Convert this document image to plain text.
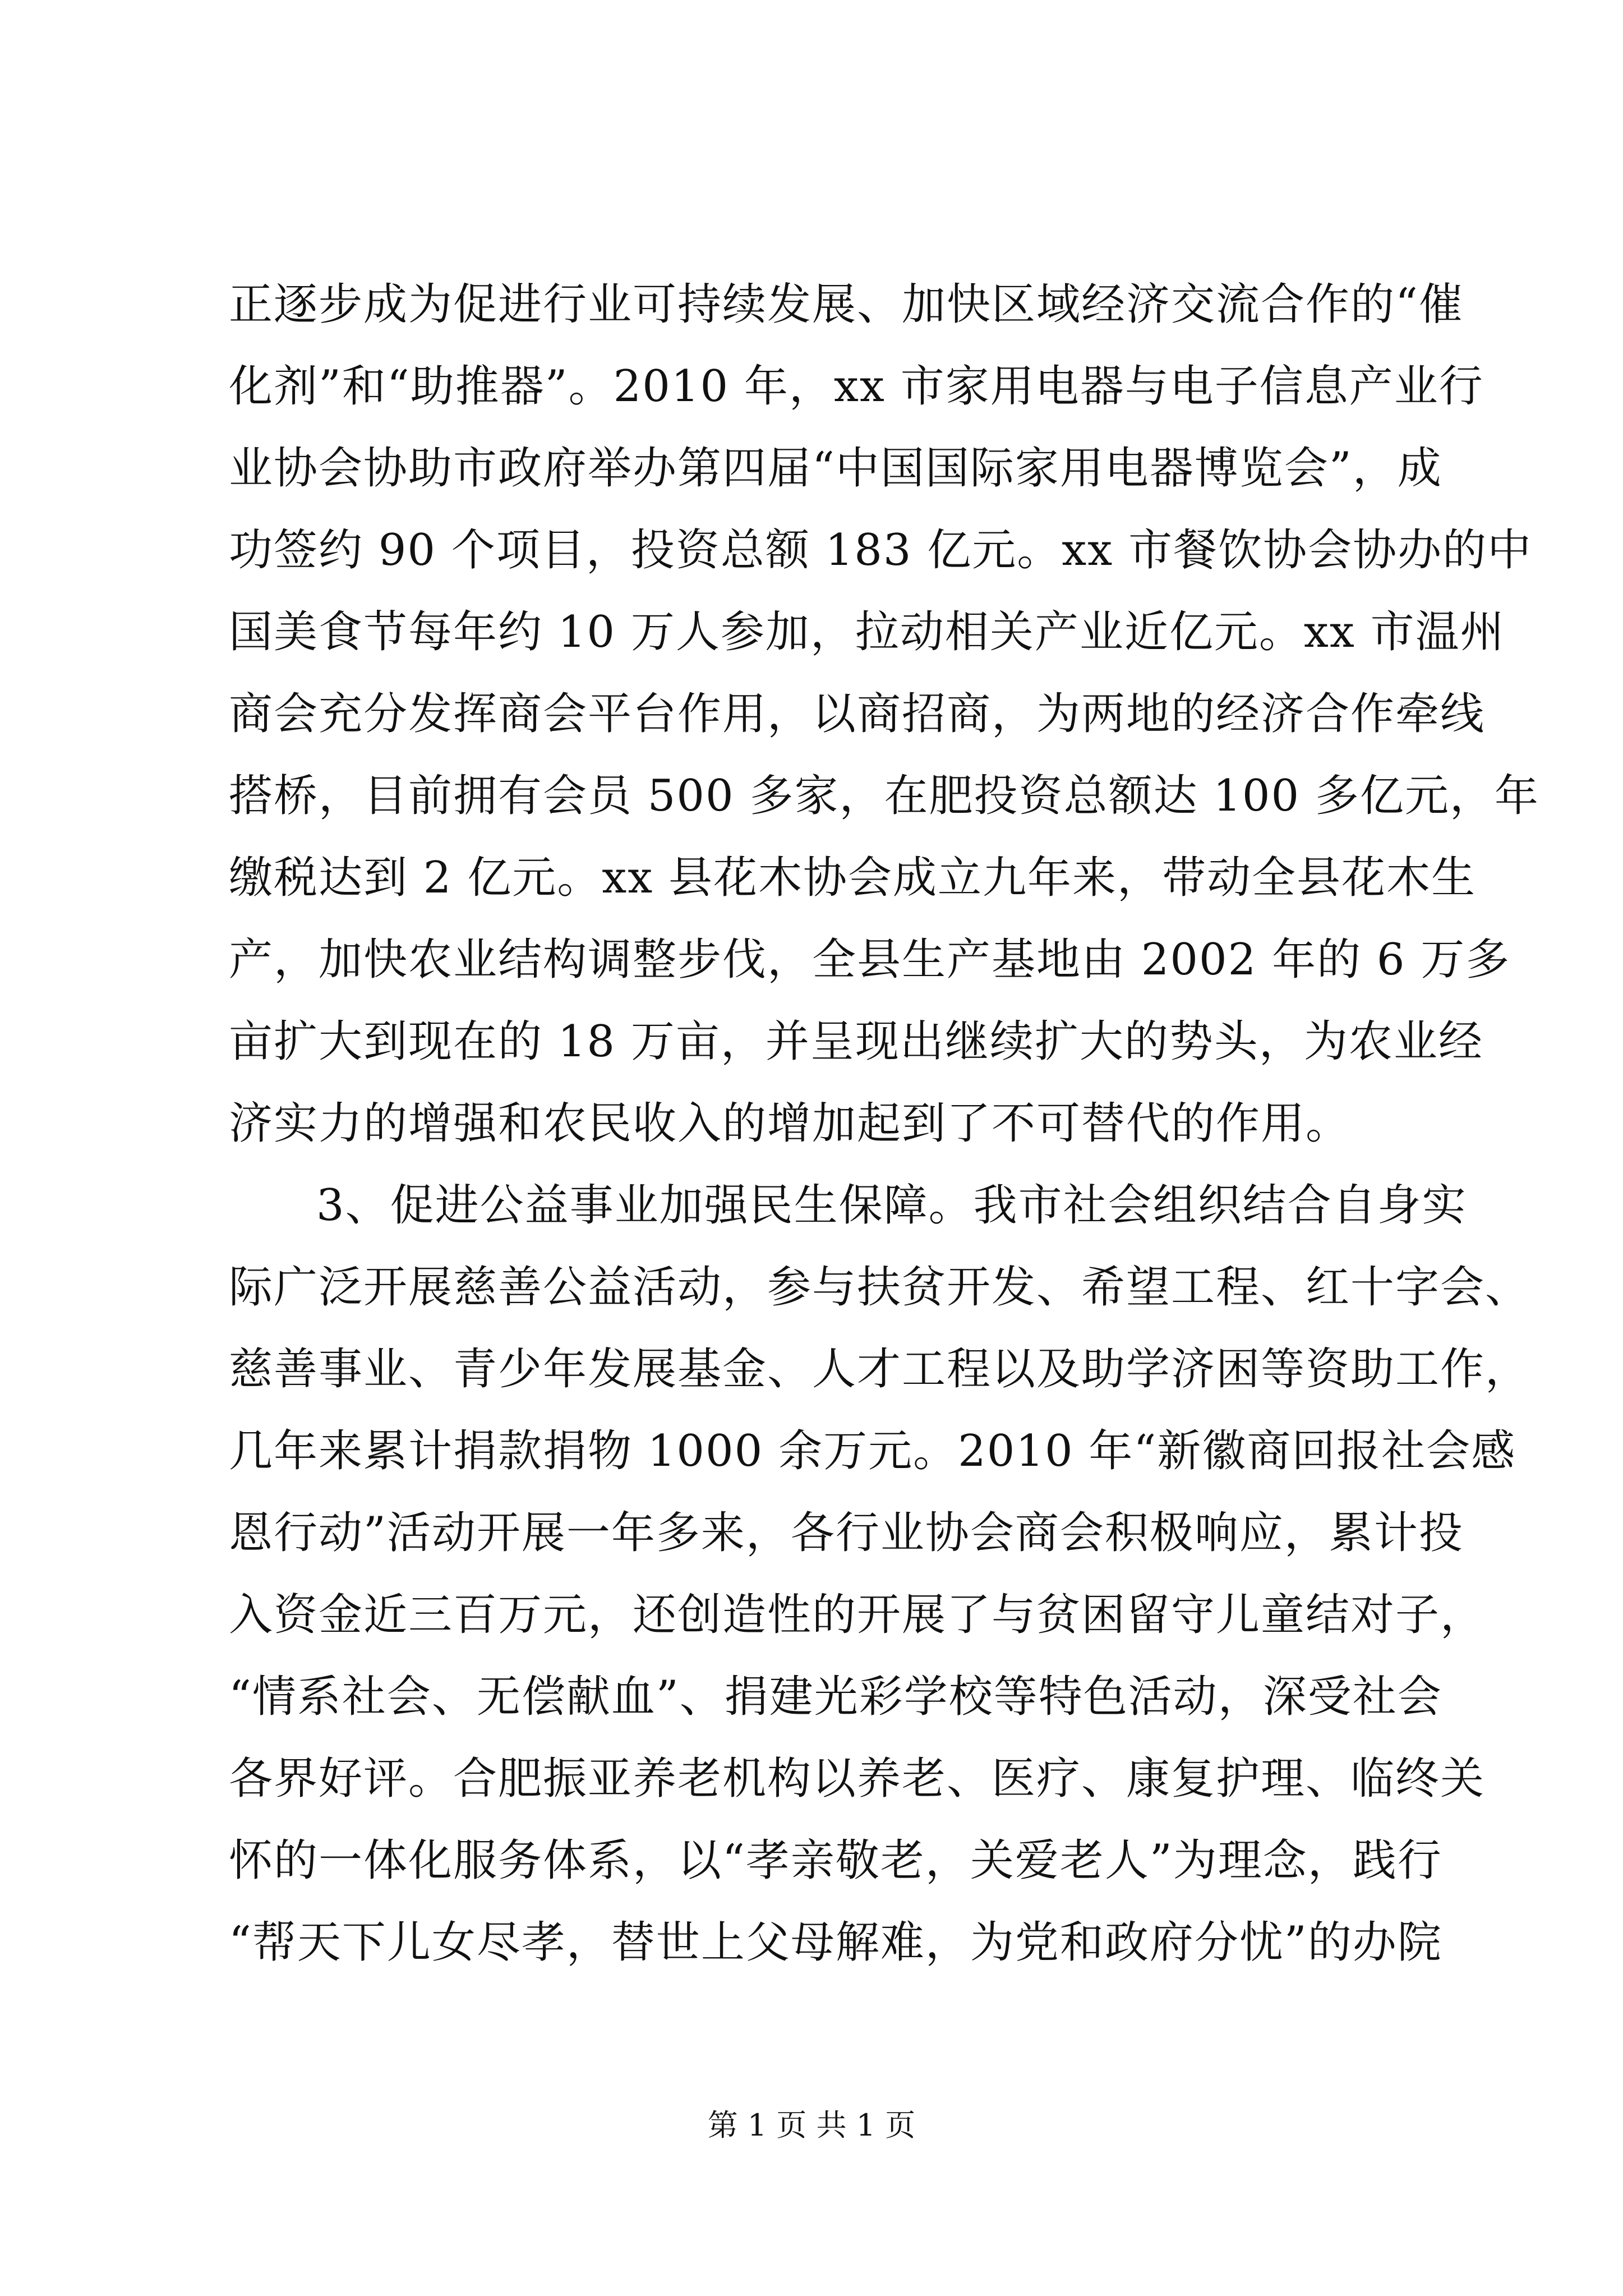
正逐步成为促进行业可持续发展、加快区域经济交流合作的“催
化剂”和“助推器”。2010 年，xx 市家用电器与电子信息产业行
业协会协助市政府举办第四届“中国国际家用电器博览会”，成
功签约 90 个项目，投资总额 183 亿元。xx 市餐饮协会协办的中
国美食节每年约 10 万人参加，拉动相关产业近亿元。xx 市温州
商会充分发挥商会平台作用，以商招商，为两地的经济合作牵线
搭桥，目前拥有会员 500 多家，在肥投资总额达 100 多亿元，年
缴税达到 2 亿元。xx 县花木协会成立九年来，带动全县花木生
产，加快农业结构调整步伐，全县生产基地由 2002 年的 6 万多
亩扩大到现在的 18 万亩，并呈现出继续扩大的势头，为农业经
济实力的增强和农民收入的增加起到了不可替代的作用。
3、促进公益事业加强民生保障。我市社会组织结合自身实
际广泛开展慈善公益活动，参与扶贫开发、希望工程、红十字会、
慈善事业、青少年发展基金、人才工程以及助学济困等资助工作，
几年来累计捐款捐物 1000 余万元。2010 年“新徽商回报社会感
恩行动”活动开展一年多来，各行业协会商会积极响应，累计投
入资金近三百万元，还创造性的开展了与贫困留守儿童结对子，
“情系社会、无偿献血”、捐建光彩学校等特色活动，深受社会
各界好评。合肥振亚养老机构以养老、医疗、康复护理、临终关
怀的一体化服务体系，以“孝亲敬老，关爱老人”为理念，践行
“帮天下儿女尽孝，替世上父母解难，为党和政府分忧”的办院
第 1 页 共 1 页
